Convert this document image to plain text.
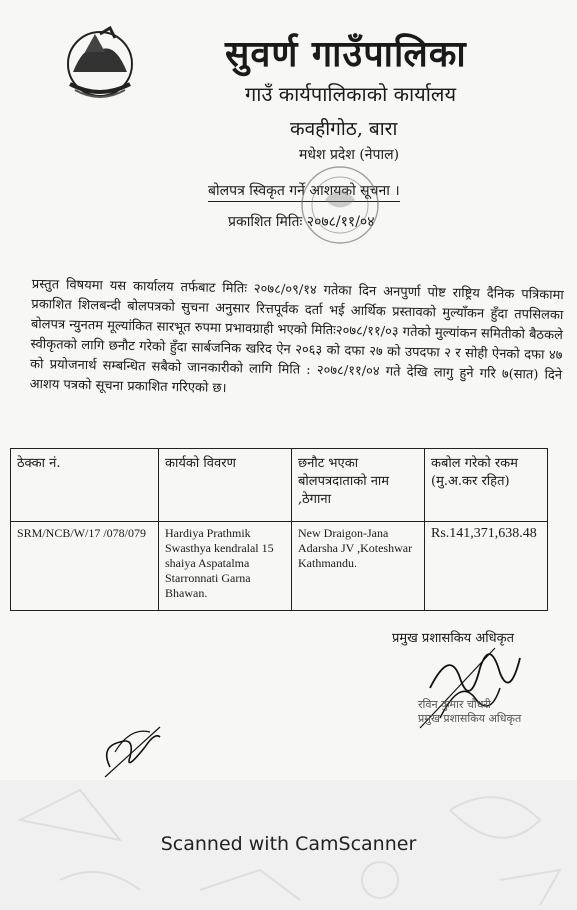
सुवर्ण गाउँपालिका
गाउँ कार्यपालिकाको कार्यालय
कवहीगोठ, बारा
मधेश प्रदेश (नेपाल)
बोलपत्र स्विकृत गर्ने आशयको सूचना ।
प्रकाशित मितिः २०७८/११/०४

प्रस्तुत विषयमा यस कार्यालय तर्फबाट मितिः २०७८/०९/१४ गतेका दिन अनपुर्णा पोष्ट राष्ट्रिय दैनिक पत्रिकामा प्रकाशित शिलबन्दी बोलपत्रको सुचना अनुसार रित्तपूर्वक दर्ता भई आर्थिक प्रस्तावको मुल्याँकन हुँदा तपसिलका बोलपत्र न्युनतम मूल्यांकित सारभूत रुपमा प्रभावग्राही भएको मितिः२०७८/११/०३ गतेको मुल्यांकन समितीको बैठकले स्वीकृतको लागि छनौट गरेको हुँदा सार्बजनिक खरिद ऐन २०६३ को दफा २७ को उपदफा २ र सोही ऐनको दफा ४७ को प्रयोजनार्थ सम्बन्धित सबैको जानकारीको लागि मिति : २०७८/११/०४ गते देखि लागु हुने गरि ७(सात) दिने आशय पत्रको सूचना प्रकाशित गरिएको छ।

ठेक्का नं.	कार्यको विवरण	छनौट भएका बोलपत्रदाताको नाम ,ठेगाना	कबोल गरेको रकम (मु.अ.कर रहित)
SRM/NCB/W/17 /078/079	Hardiya Prathmik Swasthya kendralal 15 shaiya Aspatalma Starronnati Garna Bhawan.	New Draigon-Jana Adarsha JV ,Koteshwar Kathmandu.	Rs.141,371,638.48
प्रमुख प्रशासकिय अधिकृत
रविन कुमार चौधरी
प्रमुख प्रशासकिय अधिकृत
Scanned with CamScanner
